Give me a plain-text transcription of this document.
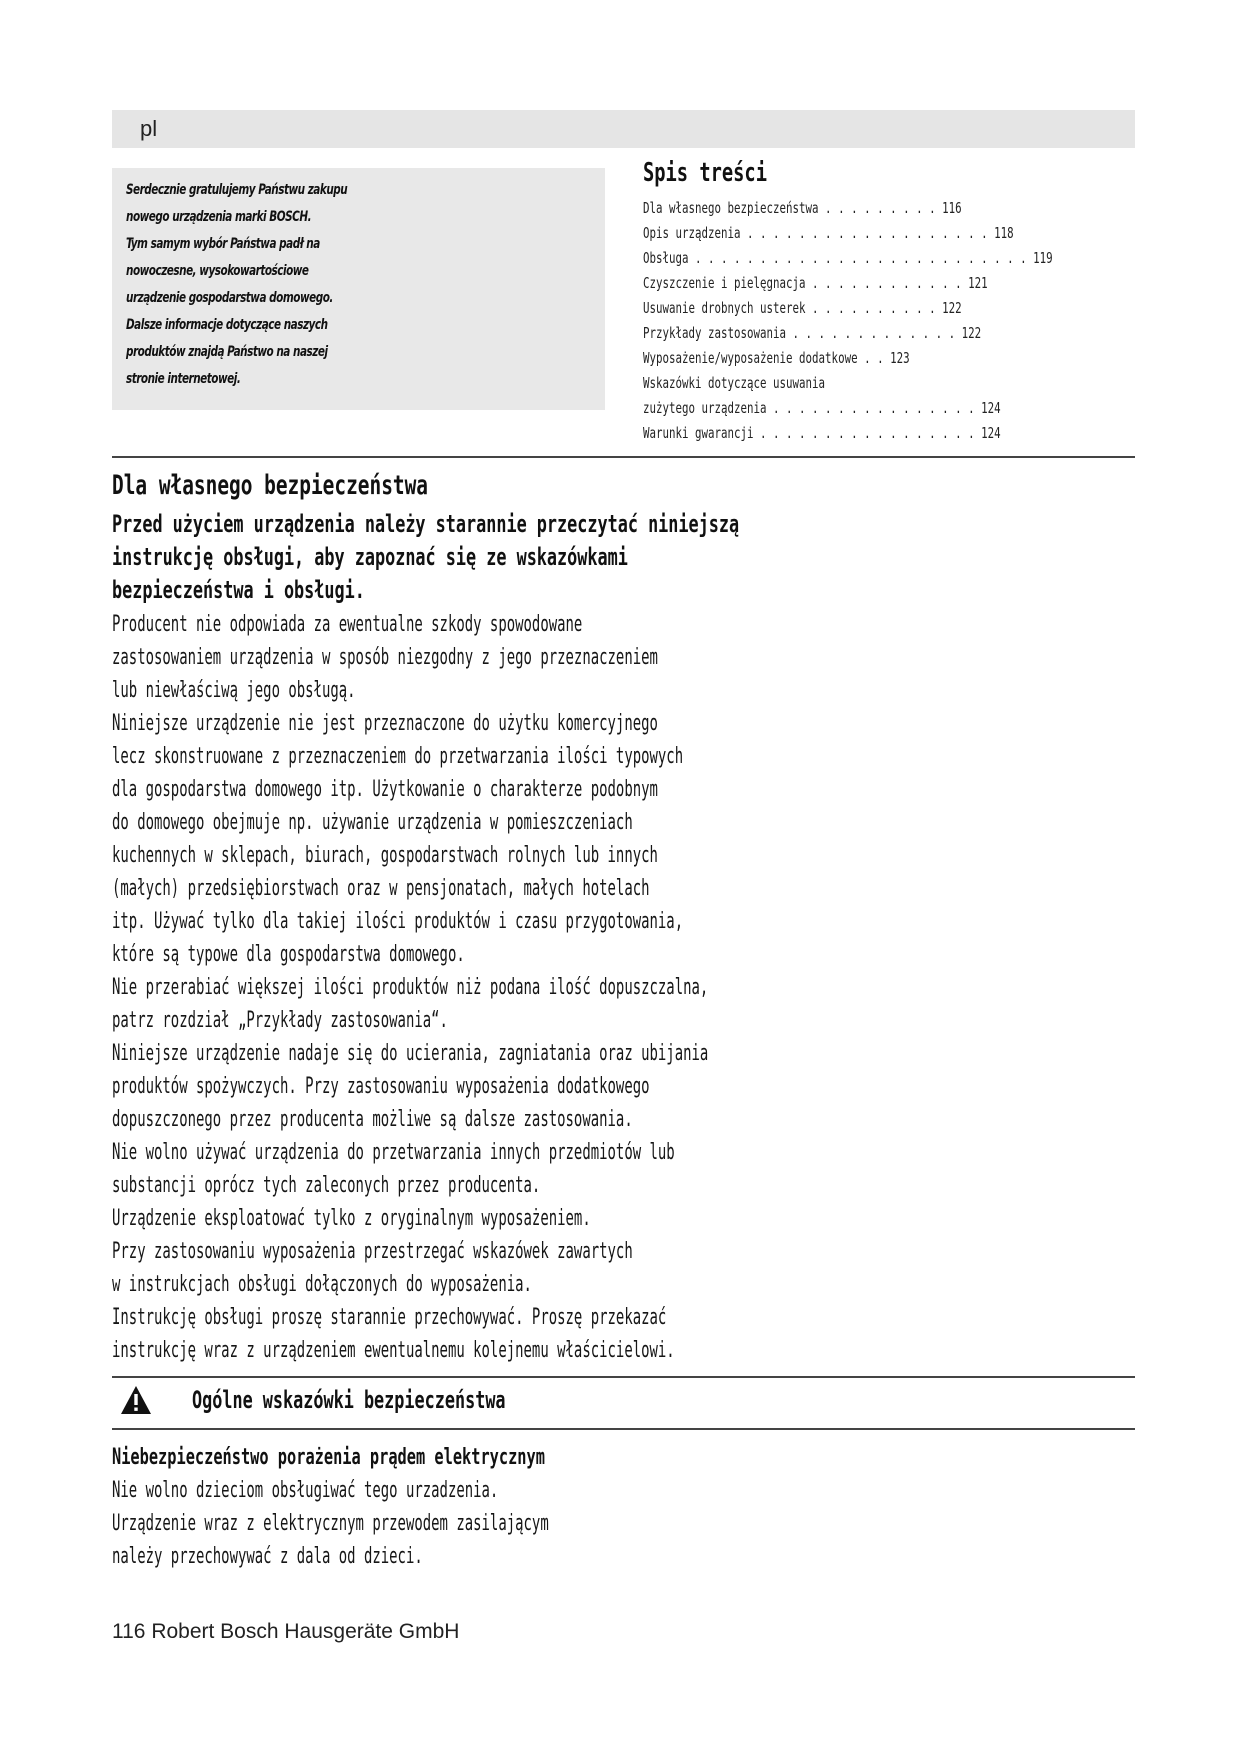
pl
Serdecznie gratulujemy Państwu zakupu
nowego urządzenia marki BOSCH.
Tym samym wybór Państwa padł na
nowoczesne, wysokowartościowe
urządzenie gospodarstwa domowego.
Dalsze informacje dotyczące naszych
produktów znajdą Państwo na naszej
stronie internetowej.
Spis treści
Dla własnego bezpieczeństwa . . . . . . . . . 116
Opis urządzenia . . . . . . . . . . . . . . . . . . . 118
Obsługa . . . . . . . . . . . . . . . . . . . . . . . . . . 119
Czyszczenie i pielęgnacja . . . . . . . . . . . . 121
Usuwanie drobnych usterek . . . . . . . . . . 122
Przykłady zastosowania . . . . . . . . . . . . . 122
Wyposażenie/wyposażenie dodatkowe . . 123
Wskazówki dotyczące usuwania
zużytego urządzenia . . . . . . . . . . . . . . . . 124
Warunki gwarancji . . . . . . . . . . . . . . . . . 124
Dla własnego bezpieczeństwa
Przed użyciem urządzenia należy starannie przeczytać niniejszą
instrukcję obsługi, aby zapoznać się ze wskazówkami
bezpieczeństwa i obsługi.
Producent nie odpowiada za ewentualne szkody spowodowane
zastosowaniem urządzenia w sposób niezgodny z jego przeznaczeniem
lub niewłaściwą jego obsługą.
Niniejsze urządzenie nie jest przeznaczone do użytku komercyjnego
lecz skonstruowane z przeznaczeniem do przetwarzania ilości typowych
dla gospodarstwa domowego itp. Użytkowanie o charakterze podobnym
do domowego obejmuje np. używanie urządzenia w pomieszczeniach
kuchennych w sklepach, biurach, gospodarstwach rolnych lub innych
(małych) przedsiębiorstwach oraz w pensjonatach, małych hotelach
itp. Używać tylko dla takiej ilości produktów i czasu przygotowania,
które są typowe dla gospodarstwa domowego.
Nie przerabiać większej ilości produktów niż podana ilość dopuszczalna,
patrz rozdział „Przykłady zastosowania“.
Niniejsze urządzenie nadaje się do ucierania, zagniatania oraz ubijania
produktów spożywczych. Przy zastosowaniu wyposażenia dodatkowego
dopuszczonego przez producenta możliwe są dalsze zastosowania.
Nie wolno używać urządzenia do przetwarzania innych przedmiotów lub
substancji oprócz tych zaleconych przez producenta.
Urządzenie eksploatować tylko z oryginalnym wyposażeniem.
Przy zastosowaniu wyposażenia przestrzegać wskazówek zawartych
w instrukcjach obsługi dołączonych do wyposażenia.
Instrukcję obsługi proszę starannie przechowywać. Proszę przekazać
instrukcję wraz z urządzeniem ewentualnemu kolejnemu właścicielowi.
Ogólne wskazówki bezpieczeństwa
Niebezpieczeństwo porażenia prądem elektrycznym
Nie wolno dzieciom obsługiwać tego urzadzenia.
Urządzenie wraz z elektrycznym przewodem zasilającym
należy przechowywać z dala od dzieci.
116 Robert Bosch Hausgeräte GmbH
